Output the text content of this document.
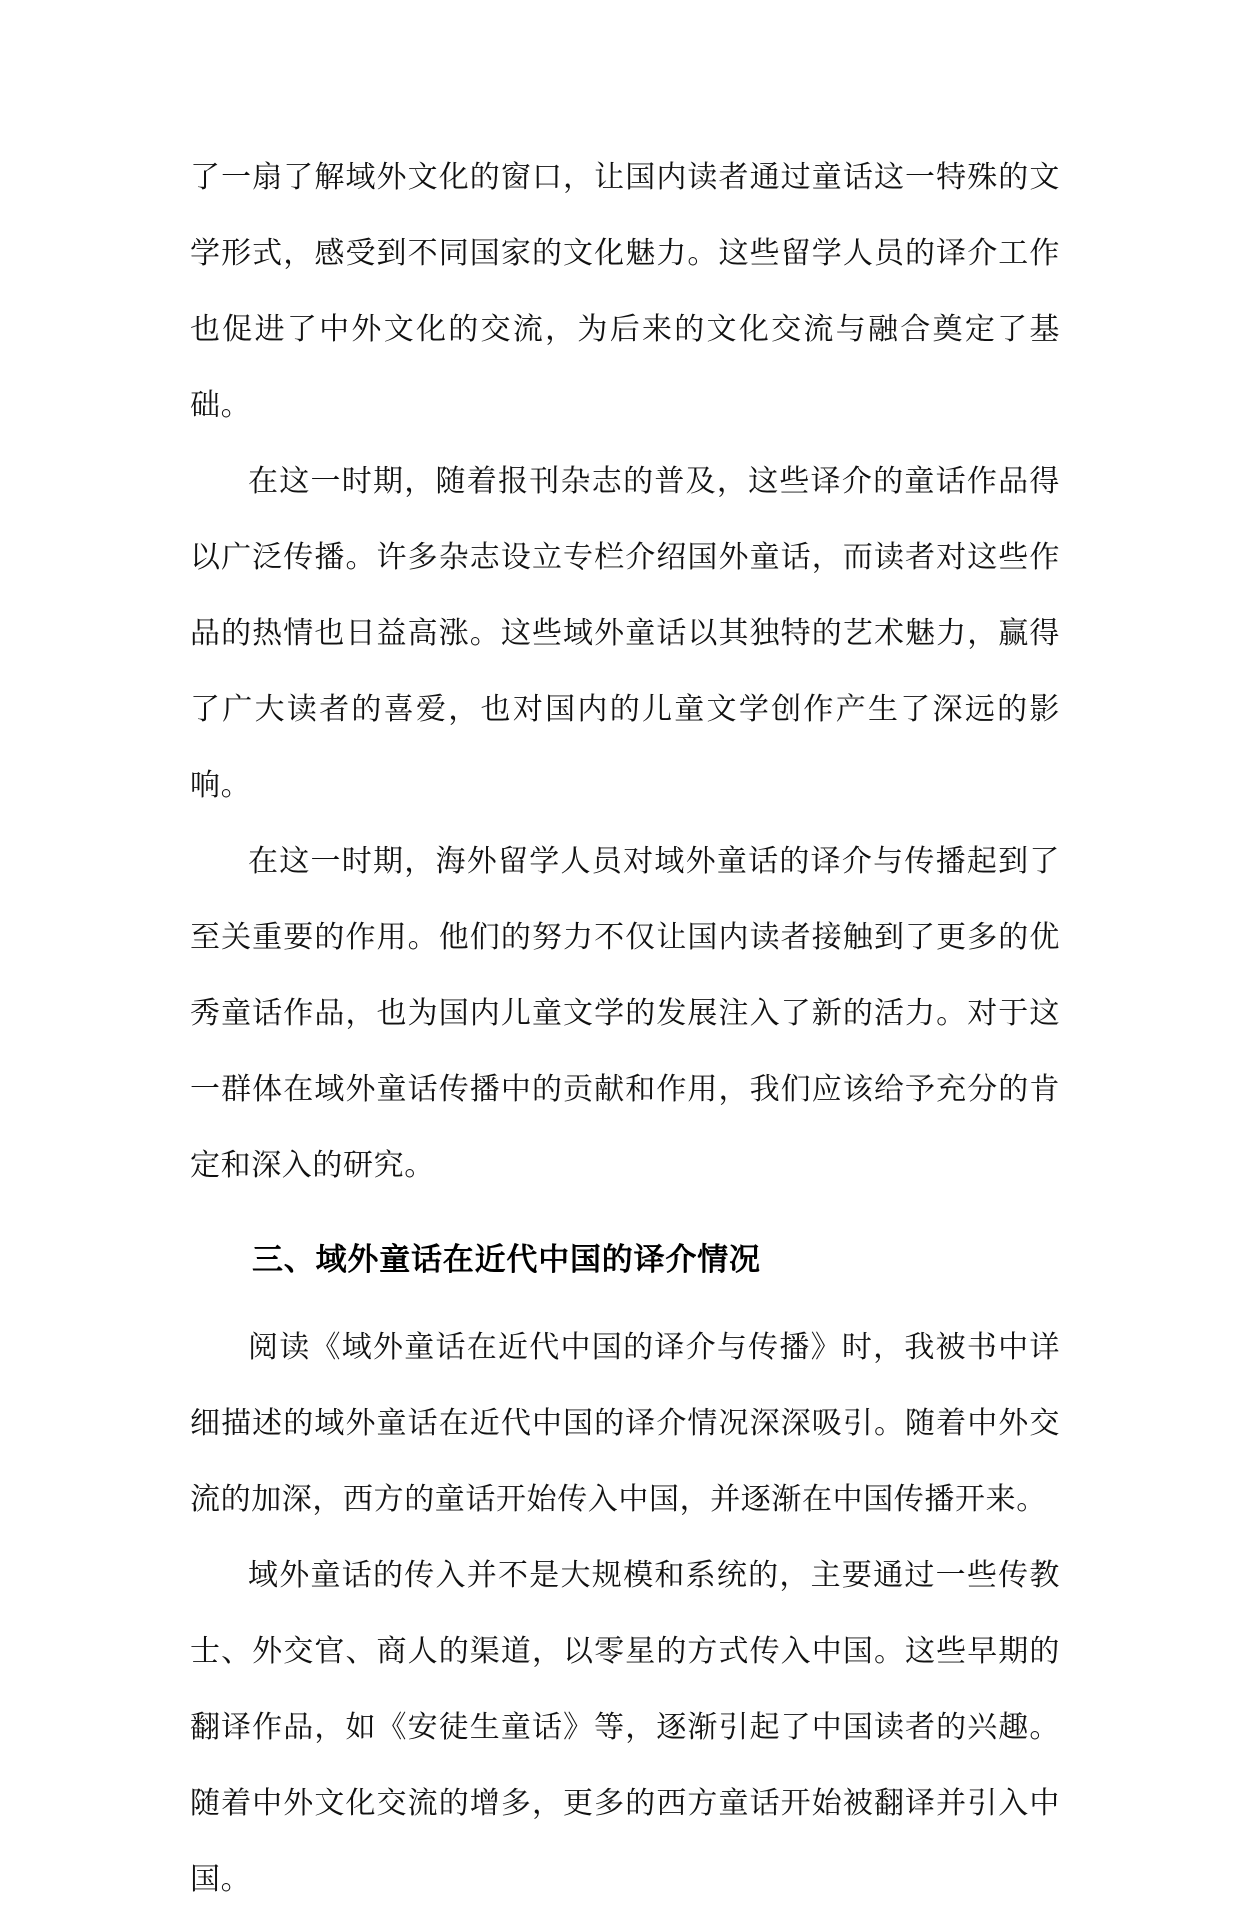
了一扇了解域外文化的窗口，让国内读者通过童话这一特殊的文学形式，感受到不同国家的文化魅力。这些留学人员的译介工作也促进了中外文化的交流，为后来的文化交流与融合奠定了基础。

在这一时期，随着报刊杂志的普及，这些译介的童话作品得以广泛传播。许多杂志设立专栏介绍国外童话，而读者对这些作品的热情也日益高涨。这些域外童话以其独特的艺术魅力，赢得了广大读者的喜爱，也对国内的儿童文学创作产生了深远的影响。

在这一时期，海外留学人员对域外童话的译介与传播起到了至关重要的作用。他们的努力不仅让国内读者接触到了更多的优秀童话作品，也为国内儿童文学的发展注入了新的活力。对于这一群体在域外童话传播中的贡献和作用，我们应该给予充分的肯定和深入的研究。

三、域外童话在近代中国的译介情况

阅读《域外童话在近代中国的译介与传播》时，我被书中详细描述的域外童话在近代中国的译介情况深深吸引。随着中外交流的加深，西方的童话开始传入中国，并逐渐在中国传播开来。

域外童话的传入并不是大规模和系统的，主要通过一些传教士、外交官、商人的渠道，以零星的方式传入中国。这些早期的翻译作品，如《安徒生童话》等，逐渐引起了中国读者的兴趣。随着中外文化交流的增多，更多的西方童话开始被翻译并引入中国。
